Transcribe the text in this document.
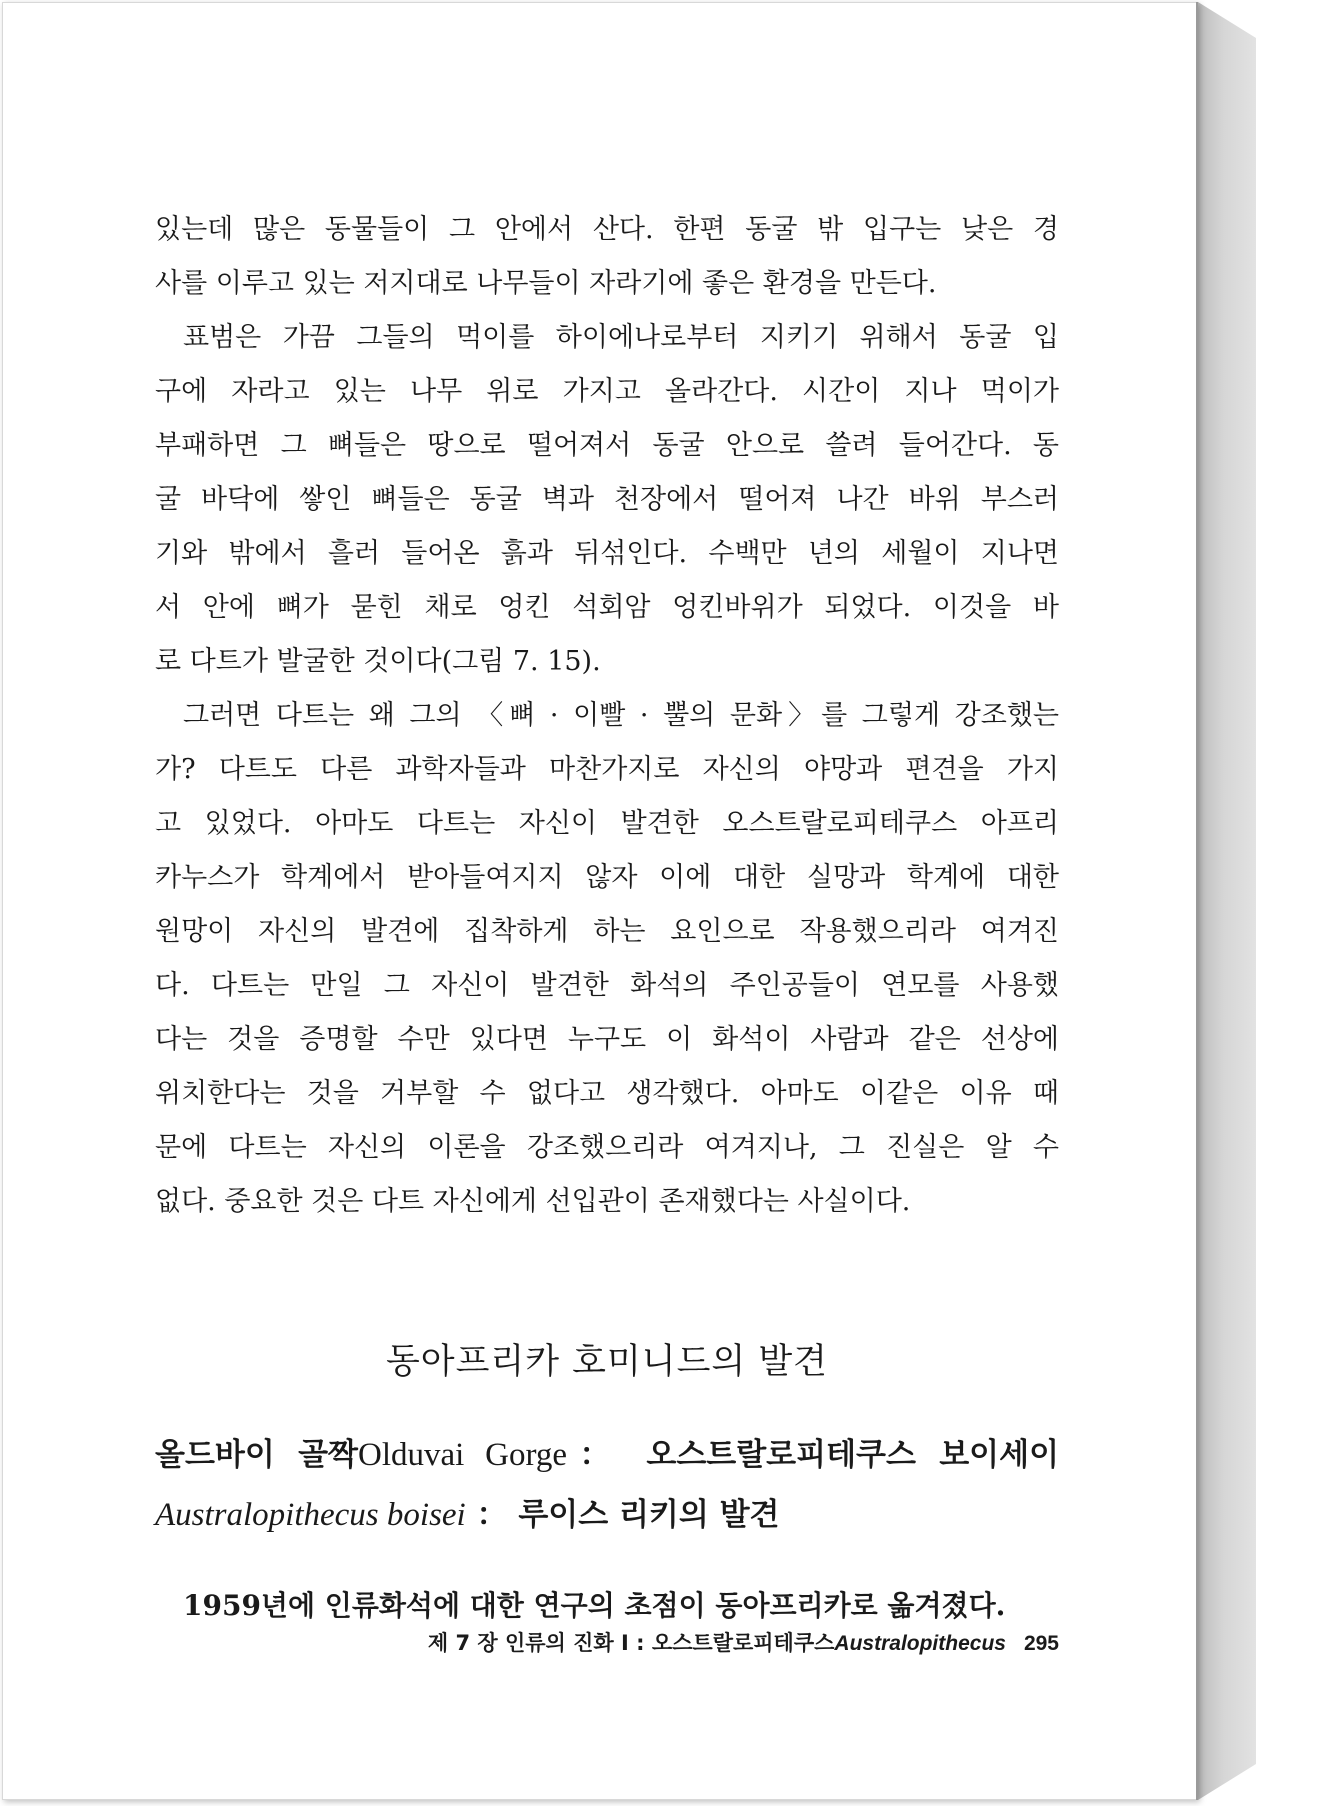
있는데 많은 동물들이 그 안에서 산다. 한편 동굴 밖 입구는 낮은 경
사를 이루고 있는 저지대로 나무들이 자라기에 좋은 환경을 만든다.
표범은 가끔 그들의 먹이를 하이에나로부터 지키기 위해서 동굴 입
구에 자라고 있는 나무 위로 가지고 올라간다. 시간이 지나 먹이가
부패하면 그 뼈들은 땅으로 떨어져서 동굴 안으로 쓸려 들어간다. 동
굴 바닥에 쌓인 뼈들은 동굴 벽과 천장에서 떨어져 나간 바위 부스러
기와 밖에서 흘러 들어온 흙과 뒤섞인다. 수백만 년의 세월이 지나면
서 안에 뼈가 묻힌 채로 엉킨 석회암 엉킨바위가 되었다. 이것을 바
로 다트가 발굴한 것이다(그림 7. 15).
그러면 다트는 왜 그의 〈뼈 · 이빨 · 뿔의 문화〉를 그렇게 강조했는
가? 다트도 다른 과학자들과 마찬가지로 자신의 야망과 편견을 가지
고 있었다. 아마도 다트는 자신이 발견한 오스트랄로피테쿠스 아프리
카누스가 학계에서 받아들여지지 않자 이에 대한 실망과 학계에 대한
원망이 자신의 발견에 집착하게 하는 요인으로 작용했으리라 여겨진
다. 다트는 만일 그 자신이 발견한 화석의 주인공들이 연모를 사용했
다는 것을 증명할 수만 있다면 누구도 이 화석이 사람과 같은 선상에
위치한다는 것을 거부할 수 없다고 생각했다. 아마도 이같은 이유 때
문에 다트는 자신의 이론을 강조했으리라 여겨지나, 그 진실은 알 수
없다. 중요한 것은 다트 자신에게 선입관이 존재했다는 사실이다.
동아프리카 호미니드의 발견
올드바이 골짝Olduvai Gorge： 오스트랄로피테쿠스 보이세이
Australopithecus boisei ： 루이스 리키의 발견
1959년에 인류화석에 대한 연구의 초점이 동아프리카로 옮겨졌다.
제 7 장 인류의 진화 Ⅰ : 오스트랄로피테쿠스Australopithecus 295
